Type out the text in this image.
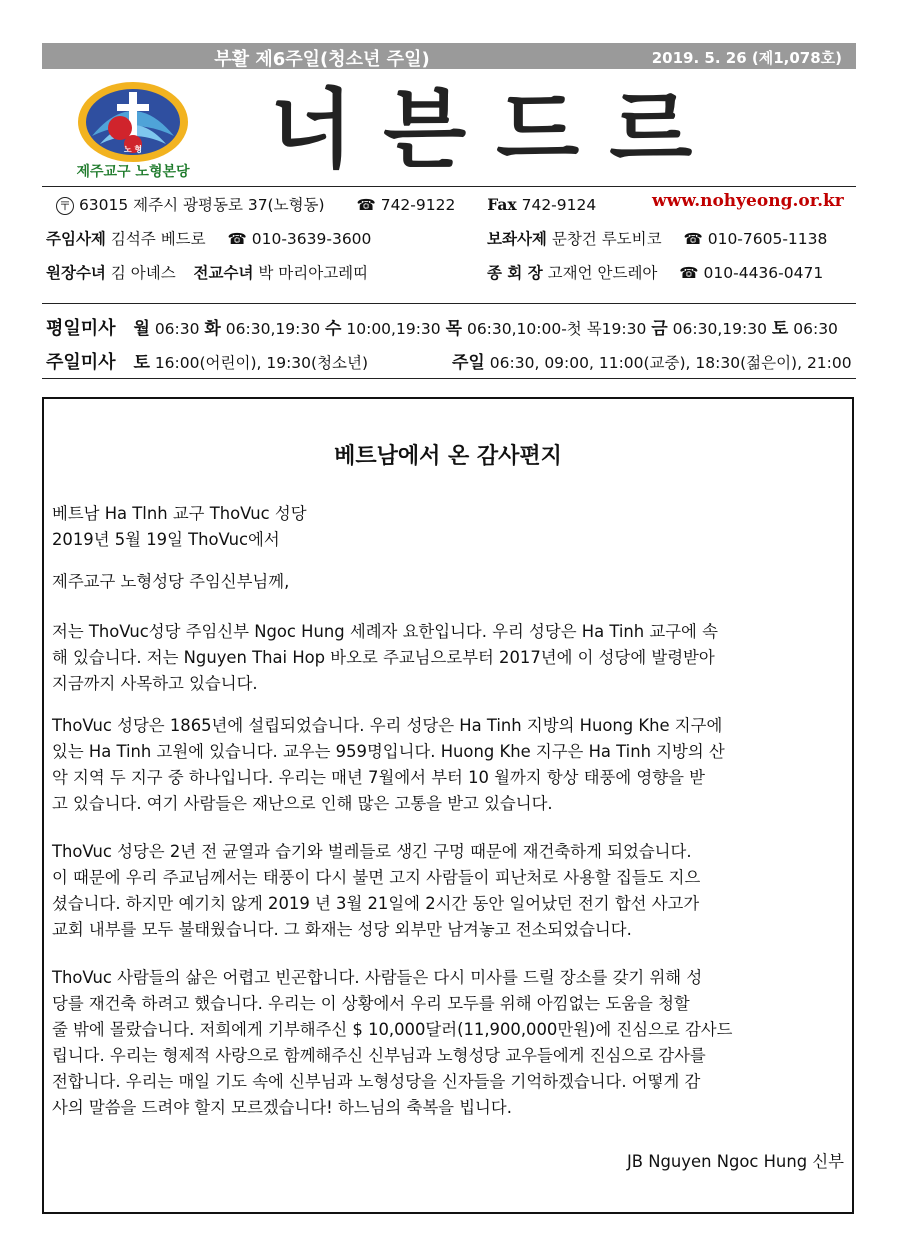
부활 제6주일(청소년 주일)	2019. 5. 26 (제1,078호)
노 형
제주교구 노형본당 너븐드르
〒 63015 제주시 광평동로 37(노형동) ☎ 742-9122 Fax 742-9124	www.nohyeong.or.kr
주임사제 김석주 베드로 ☎ 010-3639-3600	보좌사제 문창건 루도비코 ☎ 010-7605-1138
원장수녀 김 아녜스 전교수녀 박 마리아고레띠	종 회 장 고재언 안드레아 ☎ 010-4436-0471
평일미사 월 06:30 화 06:30,19:30 수 10:00,19:30 목 06:30,10:00-첫 목19:30 금 06:30,19:30 토 06:30
주일미사 토 16:00(어린이), 19:30(청소년)	주일 06:30, 09:00, 11:00(교중), 18:30(젊은이), 21:00
베트남에서 온 감사편지
베트남 Ha Tlnh 교구 ThoVuc 성당
2019년 5월 19일 ThoVuc에서
제주교구 노형성당 주임신부님께,
저는 ThoVuc성당 주임신부 Ngoc Hung 세례자 요한입니다. 우리 성당은 Ha Tinh 교구에 속
해 있습니다. 저는 Nguyen Thai Hop 바오로 주교님으로부터 2017년에 이 성당에 발령받아
지금까지 사목하고 있습니다.
ThoVuc 성당은 1865년에 설립되었습니다. 우리 성당은 Ha Tinh 지방의 Huong Khe 지구에
있는 Ha Tinh 고원에 있습니다. 교우는 959명입니다. Huong Khe 지구은 Ha Tinh 지방의 산
악 지역 두 지구 중 하나입니다. 우리는 매년 7월에서 부터 10 월까지 항상 태풍에 영향을 받
고 있습니다. 여기 사람들은 재난으로 인해 많은 고통을 받고 있습니다.
ThoVuc 성당은 2년 전 균열과 습기와 벌레들로 생긴 구멍 때문에 재건축하게 되었습니다.
이 때문에 우리 주교님께서는 태풍이 다시 불면 고지 사람들이 피난처로 사용할 집들도 지으
셨습니다. 하지만 예기치 않게 2019 년 3월 21일에 2시간 동안 일어났던 전기 합선 사고가
교회 내부를 모두 불태웠습니다. 그 화재는 성당 외부만 남겨놓고 전소되었습니다.
ThoVuc 사람들의 삶은 어렵고 빈곤합니다. 사람들은 다시 미사를 드릴 장소를 갖기 위해 성
당를 재건축 하려고 했습니다. 우리는 이 상황에서 우리 모두를 위해 아낌없는 도움을 청할
줄 밖에 몰랐습니다. 저희에게 기부해주신 $ 10,000달러(11,900,000만원)에 진심으로 감사드
립니다. 우리는 형제적 사랑으로 함께해주신 신부님과 노형성당 교우들에게 진심으로 감사를
전합니다. 우리는 매일 기도 속에 신부님과 노형성당을 신자들을 기억하겠습니다. 어떻게 감
사의 말씀을 드려야 할지 모르겠습니다! 하느님의 축복을 빕니다.
JB Nguyen Ngoc Hung 신부
